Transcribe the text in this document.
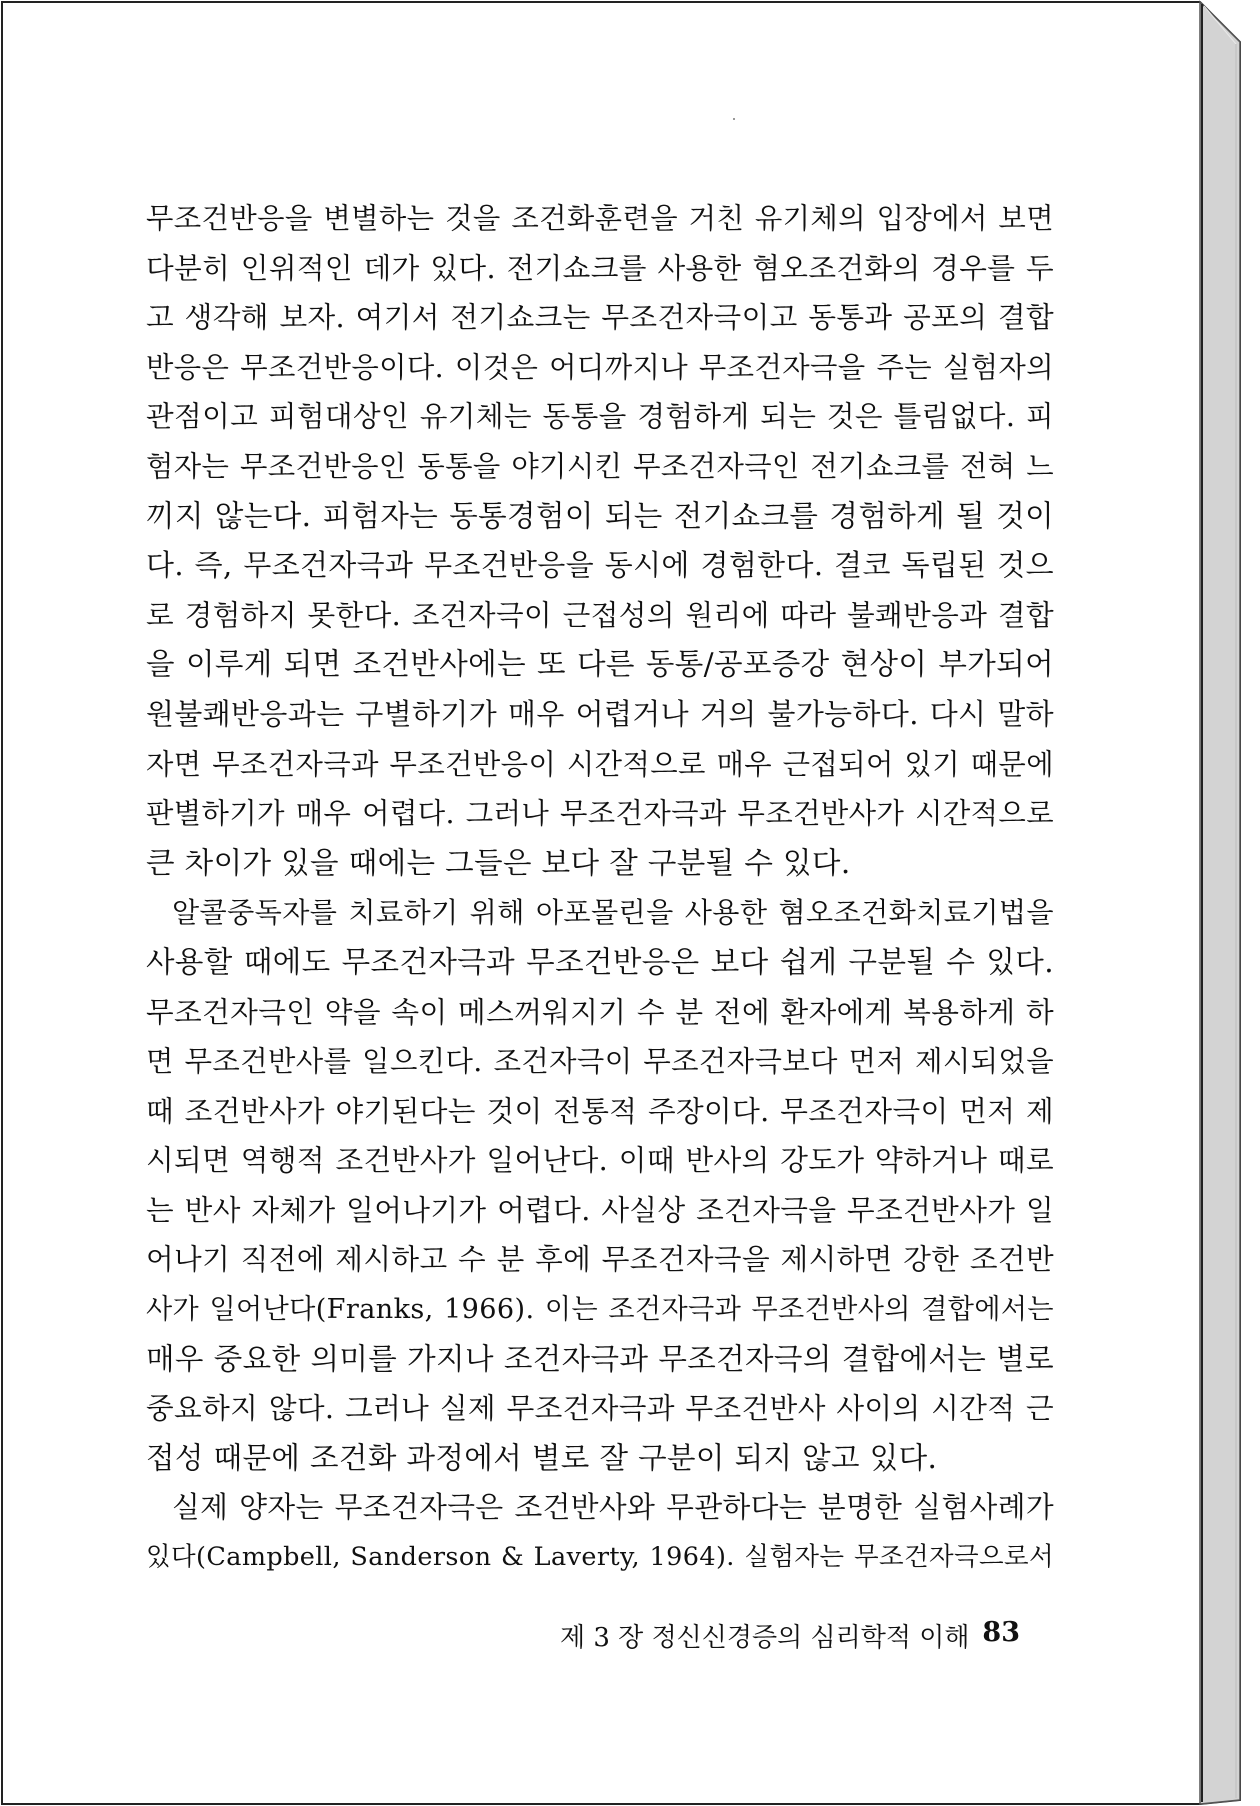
무조건반응을 변별하는 것을 조건화훈련을 거친 유기체의 입장에서 보면
다분히 인위적인 데가 있다. 전기쇼크를 사용한 혐오조건화의 경우를 두
고 생각해 보자. 여기서 전기쇼크는 무조건자극이고 동통과 공포의 결합
반응은 무조건반응이다. 이것은 어디까지나 무조건자극을 주는 실험자의
관점이고 피험대상인 유기체는 동통을 경험하게 되는 것은 틀림없다. 피
험자는 무조건반응인 동통을 야기시킨 무조건자극인 전기쇼크를 전혀 느
끼지 않는다. 피험자는 동통경험이 되는 전기쇼크를 경험하게 될 것이
다. 즉, 무조건자극과 무조건반응을 동시에 경험한다. 결코 독립된 것으
로 경험하지 못한다. 조건자극이 근접성의 원리에 따라 불쾌반응과 결합
을 이루게 되면 조건반사에는 또 다른 동통/공포증강 현상이 부가되어
원불쾌반응과는 구별하기가 매우 어렵거나 거의 불가능하다. 다시 말하
자면 무조건자극과 무조건반응이 시간적으로 매우 근접되어 있기 때문에
판별하기가 매우 어렵다. 그러나 무조건자극과 무조건반사가 시간적으로
큰 차이가 있을 때에는 그들은 보다 잘 구분될 수 있다.
알콜중독자를 치료하기 위해 아포몰린을 사용한 혐오조건화치료기법을
사용할 때에도 무조건자극과 무조건반응은 보다 쉽게 구분될 수 있다.
무조건자극인 약을 속이 메스꺼워지기 수 분 전에 환자에게 복용하게 하
면 무조건반사를 일으킨다. 조건자극이 무조건자극보다 먼저 제시되었을
때 조건반사가 야기된다는 것이 전통적 주장이다. 무조건자극이 먼저 제
시되면 역행적 조건반사가 일어난다. 이때 반사의 강도가 약하거나 때로
는 반사 자체가 일어나기가 어렵다. 사실상 조건자극을 무조건반사가 일
어나기 직전에 제시하고 수 분 후에 무조건자극을 제시하면 강한 조건반
사가 일어난다(Franks, 1966). 이는 조건자극과 무조건반사의 결합에서는
매우 중요한 의미를 가지나 조건자극과 무조건자극의 결합에서는 별로
중요하지 않다. 그러나 실제 무조건자극과 무조건반사 사이의 시간적 근
접성 때문에 조건화 과정에서 별로 잘 구분이 되지 않고 있다.
실제 양자는 무조건자극은 조건반사와 무관하다는 분명한 실험사례가
있다(Campbell, Sanderson & Laverty, 1964). 실험자는 무조건자극으로서
제 3 장 정신신경증의 심리학적 이해 83
